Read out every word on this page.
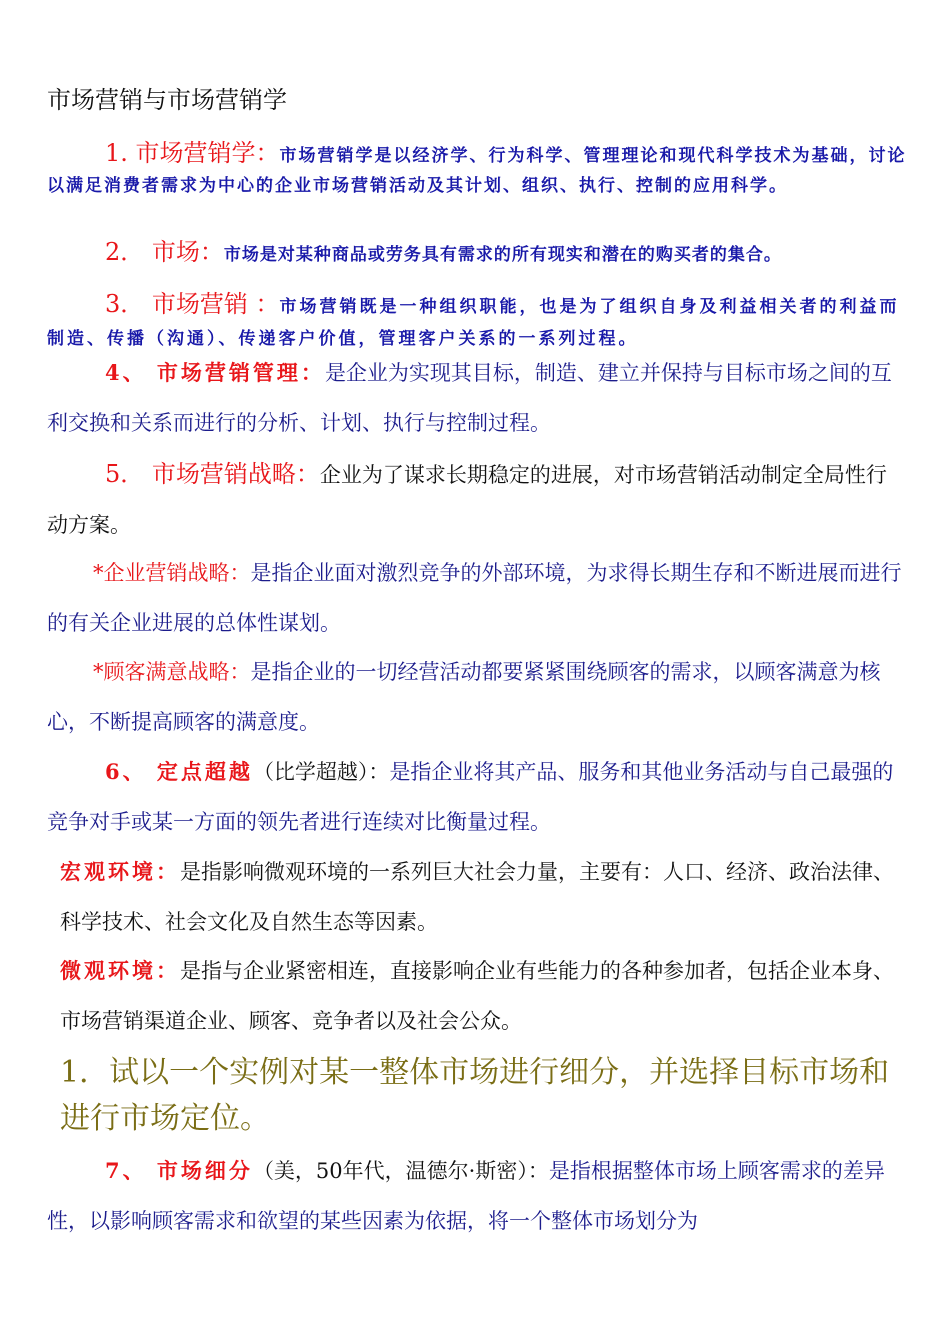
市场营销与市场营销学
1. 市场营销学：市场营销学是以经济学、行为科学、管理理论和现代科学技术为基础，讨论以满足消费者需求为中心的企业市场营销活动及其计划、组织、执行、控制的应用科学。
2． 市场：市场是对某种商品或劳务具有需求的所有现实和潜在的购买者的集合。
3． 市场营销 ：市场营销既是一种组织职能，也是为了组织自身及利益相关者的利益而制造、传播（沟通）、传递客户价值，管理客户关系的一系列过程。
4、 市场营销管理：是企业为实现其目标，制造、建立并保持与目标市场之间的互利交换和关系而进行的分析、计划、执行与控制过程。
5． 市场营销战略：企业为了谋求长期稳定的进展，对市场营销活动制定全局性行动方案。
*企业营销战略：是指企业面对激烈竞争的外部环境，为求得长期生存和不断进展而进行的有关企业进展的总体性谋划。
*顾客满意战略：是指企业的一切经营活动都要紧紧围绕顾客的需求，以顾客满意为核心，不断提高顾客的满意度。
6、 定点超越（比学超越）：是指企业将其产品、服务和其他业务活动与自己最强的竞争对手或某一方面的领先者进行连续对比衡量过程。
宏观环境：是指影响微观环境的一系列巨大社会力量，主要有：人口、经济、政治法律、科学技术、社会文化及自然生态等因素。
微观环境：是指与企业紧密相连，直接影响企业有些能力的各种参加者，包括企业本身、市场营销渠道企业、顾客、竞争者以及社会公众。
1．试以一个实例对某一整体市场进行细分，并选择目标市场和进行市场定位。
7、 市场细分（美，50年代，温德尔·斯密）：是指根据整体市场上顾客需求的差异性，以影响顾客需求和欲望的某些因素为依据，将一个整体市场划分为
